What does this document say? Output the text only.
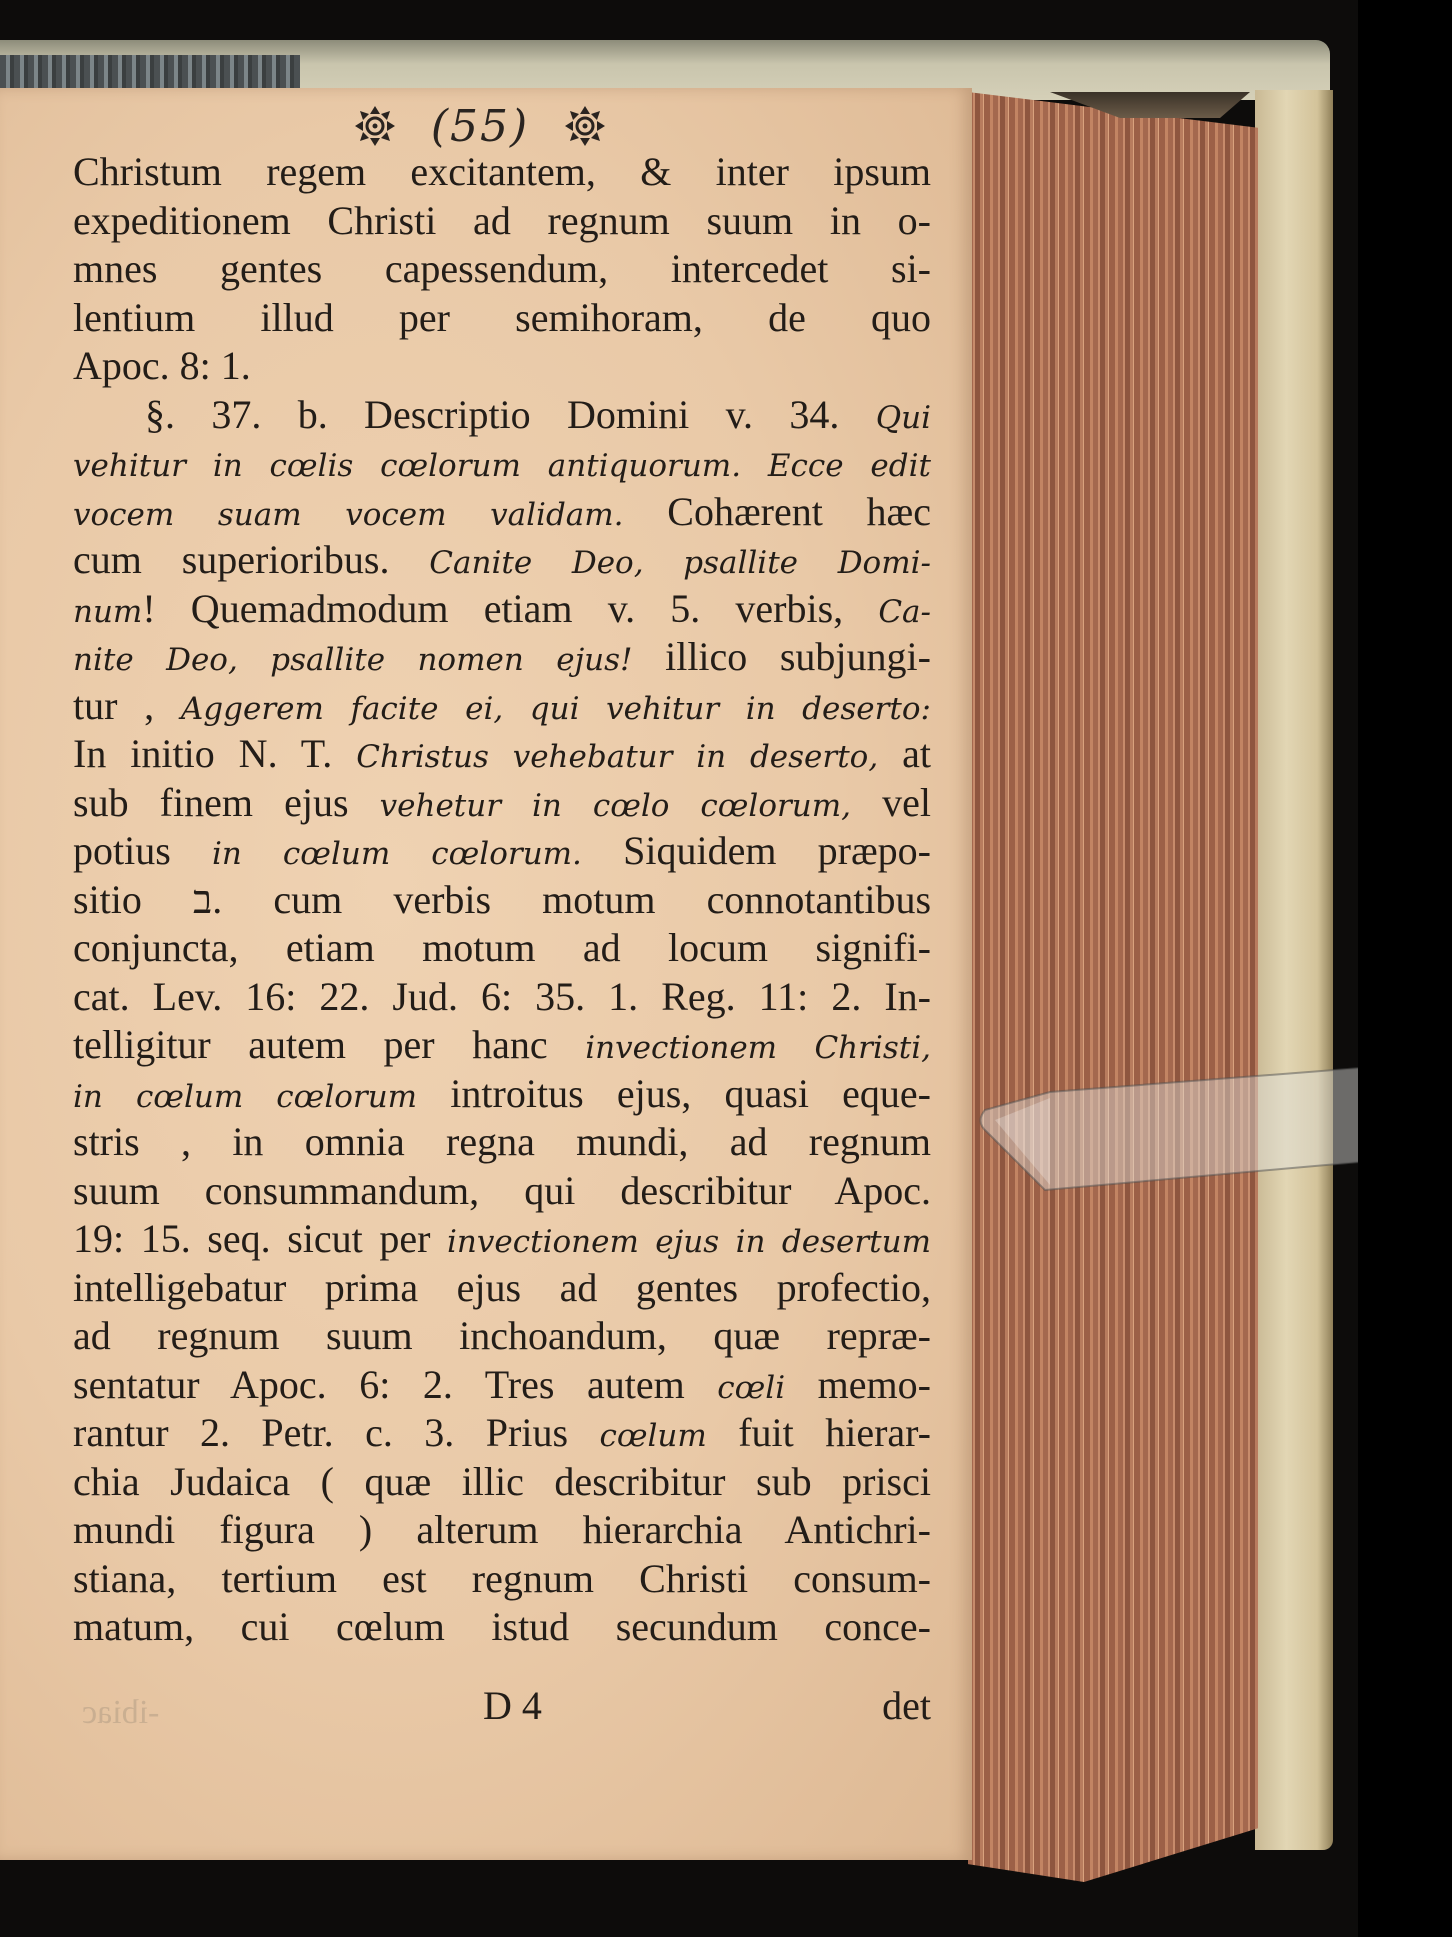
(55)
Christum regem excitantem, & inter ipsum
expeditionem Christi ad regnum suum in o-
mnes gentes capessendum, intercedet si-
lentium illud per semihoram, de quo
Apoc. 8: 1.
§. 37. b. Descriptio Domini v. 34. Qui
vehitur in cœlis cœlorum antiquorum. Ecce edit
vocem suam vocem validam. Cohærent hæc
cum superioribus. Canite Deo, psallite Domi-
num! Quemadmodum etiam v. 5. verbis, Ca-
nite Deo, psallite nomen ejus! illico subjungi-
tur , Aggerem facite ei, qui vehitur in deserto:
In initio N. T. Christus vehebatur in deserto, at
sub finem ejus vehetur in cœlo cœlorum, vel
potius in cœlum cœlorum. Siquidem præpo-
sitio ב. cum verbis motum connotantibus
conjuncta, etiam motum ad locum signifi-
cat. Lev. 16: 22. Jud. 6: 35. 1. Reg. 11: 2. In-
telligitur autem per hanc invectionem Christi,
in cœlum cœlorum introitus ejus, quasi eque-
stris , in omnia regna mundi, ad regnum
suum consummandum, qui describitur Apoc.
19: 15. seq. sicut per invectionem ejus in desertum
intelligebatur prima ejus ad gentes profectio,
ad regnum suum inchoandum, quæ repræ-
sentatur Apoc. 6: 2. Tres autem cœli memo-
rantur 2. Petr. c. 3. Prius cœlum fuit hierar-
chia Judaica ( quæ illic describitur sub prisci
mundi figura ) alterum hierarchia Antichri-
stiana, tertium est regnum Christi consum-
matum, cui cœlum istud secundum conce-
-ibiac	D 4	det
